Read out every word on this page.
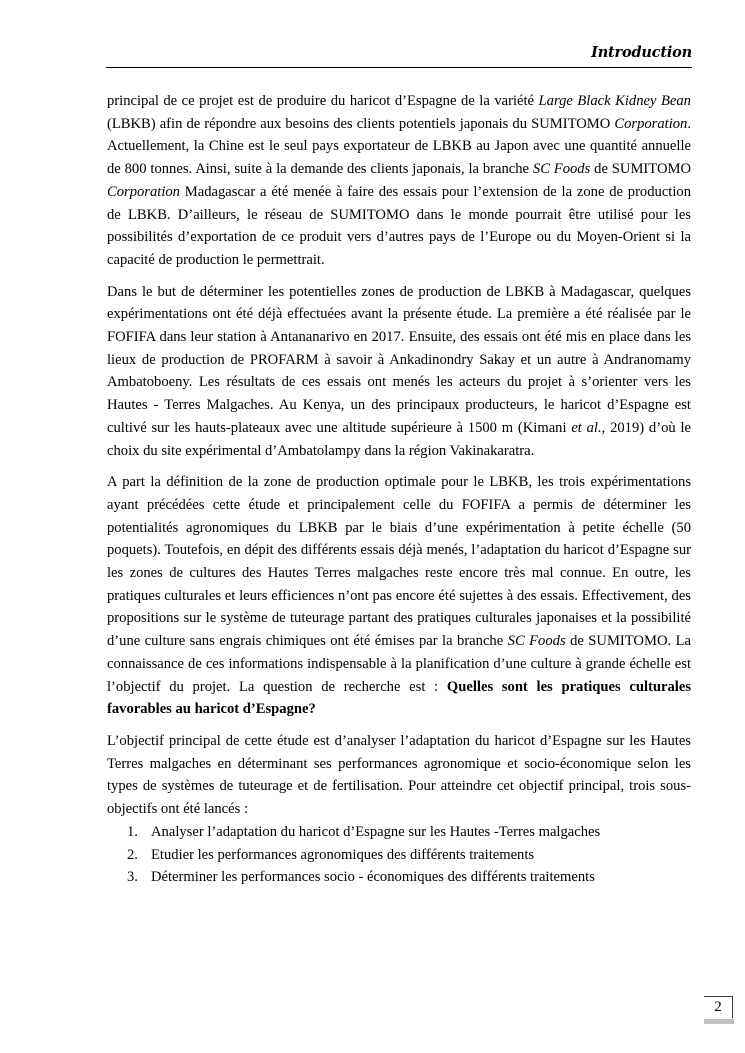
Introduction

principal de ce projet est de produire du haricot d’Espagne de la variété Large Black Kidney Bean (LBKB) afin de répondre aux besoins des clients potentiels japonais du SUMITOMO Corporation. Actuellement, la Chine est le seul pays exportateur de LBKB au Japon avec une quantité annuelle de 800 tonnes. Ainsi, suite à la demande des clients japonais, la branche SC Foods de SUMITOMO Corporation Madagascar a été menée à faire des essais pour l’extension de la zone de production de LBKB. D’ailleurs, le réseau de SUMITOMO dans le monde pourrait être utilisé pour les possibilités d’exportation de ce produit vers d’autres pays de l’Europe ou du Moyen-Orient si la capacité de production le permettrait.

Dans le but de déterminer les potentielles zones de production de LBKB à Madagascar, quelques expérimentations ont été déjà effectuées avant la présente étude. La première a été réalisée par le FOFIFA dans leur station à Antananarivo en 2017. Ensuite, des essais ont été mis en place dans les lieux de production de PROFARM à savoir à Ankadinondry Sakay et un autre à Andranomamy Ambatoboeny. Les résultats de ces essais ont menés les acteurs du projet à s’orienter vers les Hautes - Terres Malgaches. Au Kenya, un des principaux producteurs, le haricot d’Espagne est cultivé sur les hauts-plateaux avec une altitude supérieure à 1500 m (Kimani et al., 2019) d’où le choix du site expérimental d’Ambatolampy dans la région Vakinakaratra.

A part la définition de la zone de production optimale pour le LBKB, les trois expérimentations ayant précédées cette étude et principalement celle du FOFIFA a permis de déterminer les potentialités agronomiques du LBKB par le biais d’une expérimentation à petite échelle (50 poquets). Toutefois, en dépit des différents essais déjà menés, l’adaptation du haricot d’Espagne sur les zones de cultures des Hautes Terres malgaches reste encore très mal connue. En outre, les pratiques culturales et leurs efficiences n’ont pas encore été sujettes à des essais. Effectivement, des propositions sur le système de tuteurage partant des pratiques culturales japonaises et la possibilité d’une culture sans engrais chimiques ont été émises par la branche SC Foods de SUMITOMO. La connaissance de ces informations indispensable à la planification d’une culture à grande échelle est l’objectif du projet. La question de recherche est : Quelles sont les pratiques culturales favorables au haricot d’Espagne?

L’objectif principal de cette étude est d’analyser l’adaptation du haricot d’Espagne sur les Hautes Terres malgaches en déterminant ses performances agronomique et socio-économique selon les types de systèmes de tuteurage et de fertilisation. Pour atteindre cet objectif principal, trois sous-objectifs ont été lancés :

1. Analyser l’adaptation du haricot d’Espagne sur les Hautes -Terres malgaches
2. Etudier les performances agronomiques des différents traitements
3. Déterminer les performances socio - économiques des différents traitements
2
